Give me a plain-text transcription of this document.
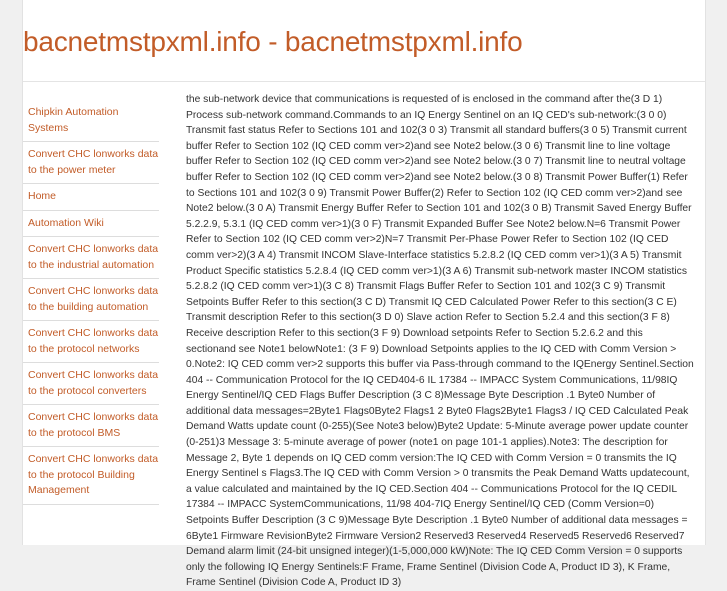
bacnetmstpxml.info - bacnetmstpxml.info
Chipkin Automation Systems
Convert CHC lonworks data to the power meter
Home
Automation Wiki
Convert CHC lonworks data to the industrial automation
Convert CHC lonworks data to the building automation
Convert CHC lonworks data to the protocol networks
Convert CHC lonworks data to the protocol converters
Convert CHC lonworks data to the protocol BMS
Convert CHC lonworks data to the protocol Building Management

the sub-network device that communications is requested of is enclosed in the command after the(3 D 1) Process sub-network command.Commands to an IQ Energy Sentinel on an IQ CED's sub-network:(3 0 0) Transmit fast status Refer to Sections 101 and 102(3 0 3) Transmit all standard buffers(3 0 5) Transmit current buffer Refer to Section 102 (IQ CED comm ver>2)and see Note2 below.(3 0 6) Transmit line to line voltage buffer Refer to Section 102 (IQ CED comm ver>2)and see Note2 below.(3 0 7) Transmit line to neutral voltage buffer Refer to Section 102 (IQ CED comm ver>2)and see Note2 below.(3 0 8) Transmit Power Buffer(1) Refer to Sections 101 and 102(3 0 9) Transmit Power Buffer(2) Refer to Section 102 (IQ CED comm ver>2)and see Note2 below.(3 0 A) Transmit Energy Buffer Refer to Section 101 and 102(3 0 B) Transmit Saved Energy Buffer 5.2.2.9, 5.3.1 (IQ CED comm ver>1)(3 0 F) Transmit Expanded Buffer See Note2 below.N=6 Transmit Power Refer to Section 102 (IQ CED comm ver>2)N=7 Transmit Per-Phase Power Refer to Section 102 (IQ CED comm ver>2)(3 A 4) Transmit INCOM Slave-Interface statistics 5.2.8.2 (IQ CED comm ver>1)(3 A 5) Transmit Product Specific statistics 5.2.8.4 (IQ CED comm ver>1)(3 A 6) Transmit sub-network master INCOM statistics 5.2.8.2 (IQ CED comm ver>1)(3 C 8) Transmit Flags Buffer Refer to Section 101 and 102(3 C 9) Transmit Setpoints Buffer Refer to this section(3 C D) Transmit IQ CED Calculated Power Refer to this section(3 C E) Transmit description Refer to this section(3 D 0) Slave action Refer to Section 5.2.4 and this section(3 F 8) Receive description Refer to this section(3 F 9) Download setpoints Refer to Section 5.2.6.2 and this sectionand see Note1 belowNote1: (3 F 9) Download Setpoints applies to the IQ CED with Comm Version > 0.Note2: IQ CED comm ver>2 supports this buffer via Pass-through command to the IQEnergy Sentinel.Section 404 -- Communication Protocol for the IQ CED404-6 IL 17384 -- IMPACC System Communications, 11/98IQ Energy Sentinel/IQ CED Flags Buffer Description (3 C 8)Message Byte Description .1 Byte0 Number of additional data messages=2Byte1 Flags0Byte2 Flags1 2 Byte0 Flags2Byte1 Flags3 / IQ CED Calculated Peak Demand Watts update count (0-255)(See Note3 below)Byte2 Update: 5-Minute average power update counter (0-251)3 Message 3: 5-minute average of power (note1 on page 101-1 applies).Note3: The description for Message 2, Byte 1 depends on IQ CED comm version:The IQ CED with Comm Version = 0 transmits the IQ Energy Sentinel s Flags3.The IQ CED with Comm Version > 0 transmits the Peak Demand Watts updatecount, a value calculated and maintained by the IQ CED.Section 404 -- Communications Protocol for the IQ CEDIL 17384 -- IMPACC SystemCommunications, 11/98 404-7IQ Energy Sentinel/IQ CED (Comm Version=0) Setpoints Buffer Description (3 C 9)Message Byte Description .1 Byte0 Number of additional data messages = 6Byte1 Firmware RevisionByte2 Firmware Version2 Reserved3 Reserved4 Reserved5 Reserved6 Reserved7 Demand alarm limit (24-bit unsigned integer)(1-5,000,000 kW)Note: The IQ CED Comm Version = 0 supports only the following IQ Energy Sentinels:F Frame, Frame Sentinel (Division Code A, Product ID 3), K Frame, Frame Sentinel (Division Code A, Product ID 3)
